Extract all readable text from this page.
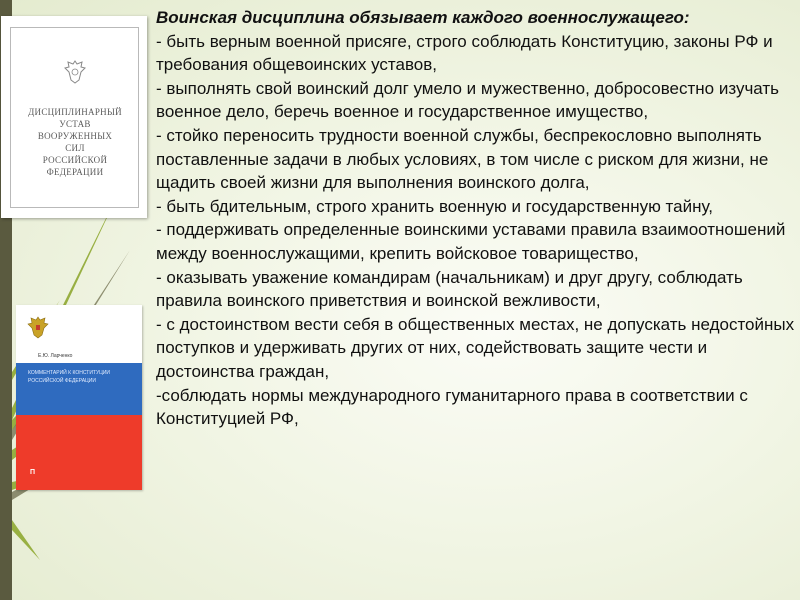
ДИСЦИПЛИНАРНЫЙ
УСТАВ
ВООРУЖЕННЫХ
СИЛ
РОССИЙСКОЙ
ФЕДЕРАЦИИ
Е.Ю. Ларченко
КОММЕНТАРИЙ К КОНСТИТУЦИИ РОССИЙСКОЙ ФЕДЕРАЦИИ
П

Воинская дисциплина обязывает каждого военнослужащего:

- быть верным военной присяге, строго соблюдать Конституцию, законы РФ и требования общевоинских уставов,
- выполнять свой воинский долг умело и мужественно, добросовестно изучать военное дело, беречь военное и государственное имущество,
- стойко переносить трудности военной службы, беспрекословно выполнять поставленные задачи в любых условиях, в том числе с риском для жизни, не щадить своей жизни для выполнения воинского долга,
- быть бдительным, строго хранить военную и государственную тайну,
- поддерживать определенные воинскими уставами правила взаимоотношений между военнослужащими, крепить войсковое товарищество,
- оказывать уважение командирам (начальникам) и друг другу, соблюдать правила воинского приветствия и воинской вежливости,
- с достоинством вести себя в общественных местах, не допускать недостойных поступков и удерживать других от них, содействовать защите чести и достоинства граждан,
-соблюдать нормы международного гуманитарного права в соответствии с Конституцией РФ,
